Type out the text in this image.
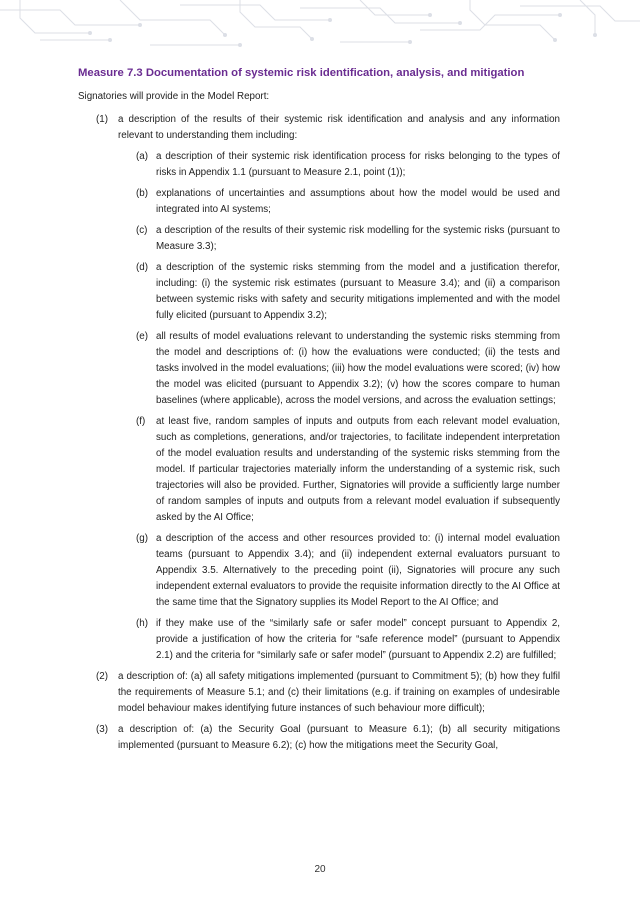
Measure 7.3 Documentation of systemic risk identification, analysis, and mitigation
Signatories will provide in the Model Report:
(1)	a description of the results of their systemic risk identification and analysis and any information relevant to understanding them including:
(a) a description of their systemic risk identification process for risks belonging to the types of risks in Appendix 1.1 (pursuant to Measure 2.1, point (1));
(b) explanations of uncertainties and assumptions about how the model would be used and integrated into AI systems;
(c) a description of the results of their systemic risk modelling for the systemic risks (pursuant to Measure 3.3);
(d) a description of the systemic risks stemming from the model and a justification therefor, including: (i) the systemic risk estimates (pursuant to Measure 3.4); and (ii) a comparison between systemic risks with safety and security mitigations implemented and with the model fully elicited (pursuant to Appendix 3.2);
(e) all results of model evaluations relevant to understanding the systemic risks stemming from the model and descriptions of: (i) how the evaluations were conducted; (ii) the tests and tasks involved in the model evaluations; (iii) how the model evaluations were scored; (iv) how the model was elicited (pursuant to Appendix 3.2); (v) how the scores compare to human baselines (where applicable), across the model versions, and across the evaluation settings;
(f)	at least five, random samples of inputs and outputs from each relevant model evaluation, such as completions, generations, and/or trajectories, to facilitate independent interpretation of the model evaluation results and understanding of the systemic risks stemming from the model. If particular trajectories materially inform the understanding of a systemic risk, such trajectories will also be provided. Further, Signatories will provide a sufficiently large number of random samples of inputs and outputs from a relevant model evaluation if subsequently asked by the AI Office;
(g) a description of the access and other resources provided to: (i) internal model evaluation teams (pursuant to Appendix 3.4); and (ii) independent external evaluators pursuant to Appendix 3.5. Alternatively to the preceding point (ii), Signatories will procure any such independent external evaluators to provide the requisite information directly to the AI Office at the same time that the Signatory supplies its Model Report to the AI Office; and
(h) if they make use of the “similarly safe or safer model” concept pursuant to Appendix 2, provide a justification of how the criteria for “safe reference model” (pursuant to Appendix 2.1) and the criteria for “similarly safe or safer model” (pursuant to Appendix 2.2) are fulfilled;
(2)	a description of: (a) all safety mitigations implemented (pursuant to Commitment 5); (b) how they fulfil the requirements of Measure 5.1; and (c) their limitations (e.g. if training on examples of undesirable model behaviour makes identifying future instances of such behaviour more difficult);
(3)	a description of: (a) the Security Goal (pursuant to Measure 6.1); (b) all security mitigations implemented (pursuant to Measure 6.2); (c) how the mitigations meet the Security Goal,
20
